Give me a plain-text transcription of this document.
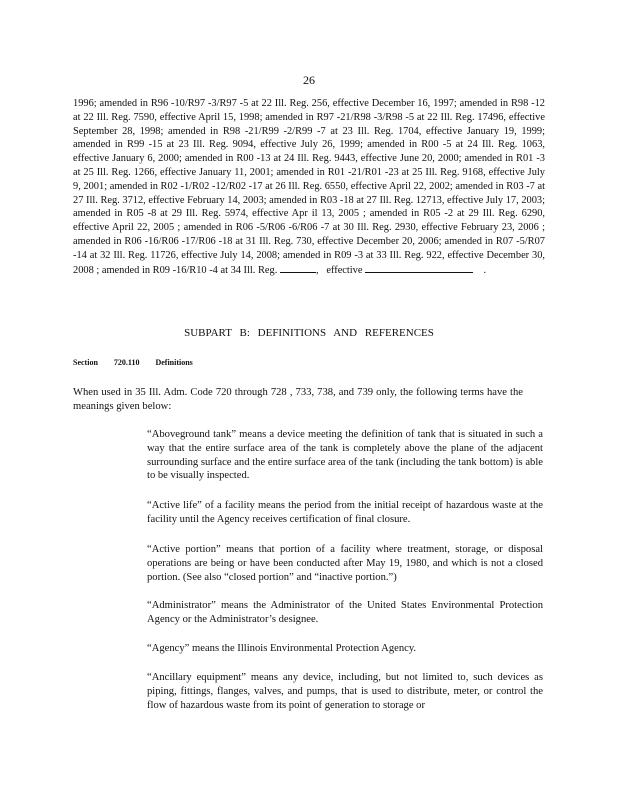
26

1996; amended in R96 -10/R97 -3/R97 -5 at 22 Ill. Reg. 256, effective December 16, 1997; amended in R98 -12 at 22 Ill. Reg. 7590, effective April 15, 1998; amended in R97 -21/R98 -3/R98 -5 at 22 Ill. Reg. 17496, effective September 28, 1998; amended in R98 -21/R99 -2/R99 -7 at 23 Ill. Reg. 1704, effective January 19, 1999; amended in R99 -15 at 23 Ill. Reg. 9094, effective July 26, 1999; amended in R00 -5 at 24 Ill. Reg. 1063, effective January 6, 2000; amended in R00 -13 at 24 Ill. Reg. 9443, effective June 20, 2000; amended in R01 -3 at 25 Ill. Reg. 1266, effective January 11, 2001; amended in R01 -21/R01 -23 at 25 Ill. Reg. 9168, effective July 9, 2001; amended in R02 -1/R02 -12/R02 -17 at 26 Ill. Reg. 6550, effective April 22, 2002; amended in R03 -7 at 27 Ill. Reg. 3712, effective February 14, 2003; amended in R03 -18 at 27 Ill. Reg. 12713, effective July 17, 2003; amended in R05 -8 at 29 Ill. Reg. 5974, effective Apr il 13, 2005 ; amended in R05 -2 at 29 Ill. Reg. 6290, effective April 22, 2005 ; amended in R06 -5/R06 -6/R06 -7 at 30 Ill. Reg. 2930, effective February 23, 2006 ; amended in R06 -16/R06 -17/R06 -18 at 31 Ill. Reg. 730, effective December 20, 2006; amended in R07 -5/R07 -14 at 32 Ill. Reg. 11726, effective July 14, 2008; amended in R09 -3 at 33 Ill. Reg. 922, effective December 30, 2008 ; amended in R09 -16/R10 -4 at 34 Ill. Reg.	, effective	.

SUBPART B: DEFINITIONS AND REFERENCES
Section 720.110 Definitions

When used in 35 Ill. Adm. Code 720 through 728 , 733, 738, and 739 only, the following terms have the meanings given below:

“Aboveground tank” means a device meeting the definition of tank that is situated in such a way that the entire surface area of the tank is completely above the plane of the adjacent surrounding surface and the entire surface area of the tank (including the tank bottom) is able to be visually inspected.

“Active life” of a facility means the period from the initial receipt of hazardous waste at the facility until the Agency receives certification of final closure.

“Active portion” means that portion of a facility where treatment, storage, or disposal operations are being or have been conducted after May 19, 1980, and which is not a closed portion. (See also “closed portion” and “inactive portion.”)

“Administrator” means the Administrator of the United States Environmental Protection Agency or the Administrator’s designee.

“Agency” means the Illinois Environmental Protection Agency.

“Ancillary equipment” means any device, including, but not limited to, such devices as piping, fittings, flanges, valves, and pumps, that is used to distribute, meter, or control the flow of hazardous waste from its point of generation to storage or
